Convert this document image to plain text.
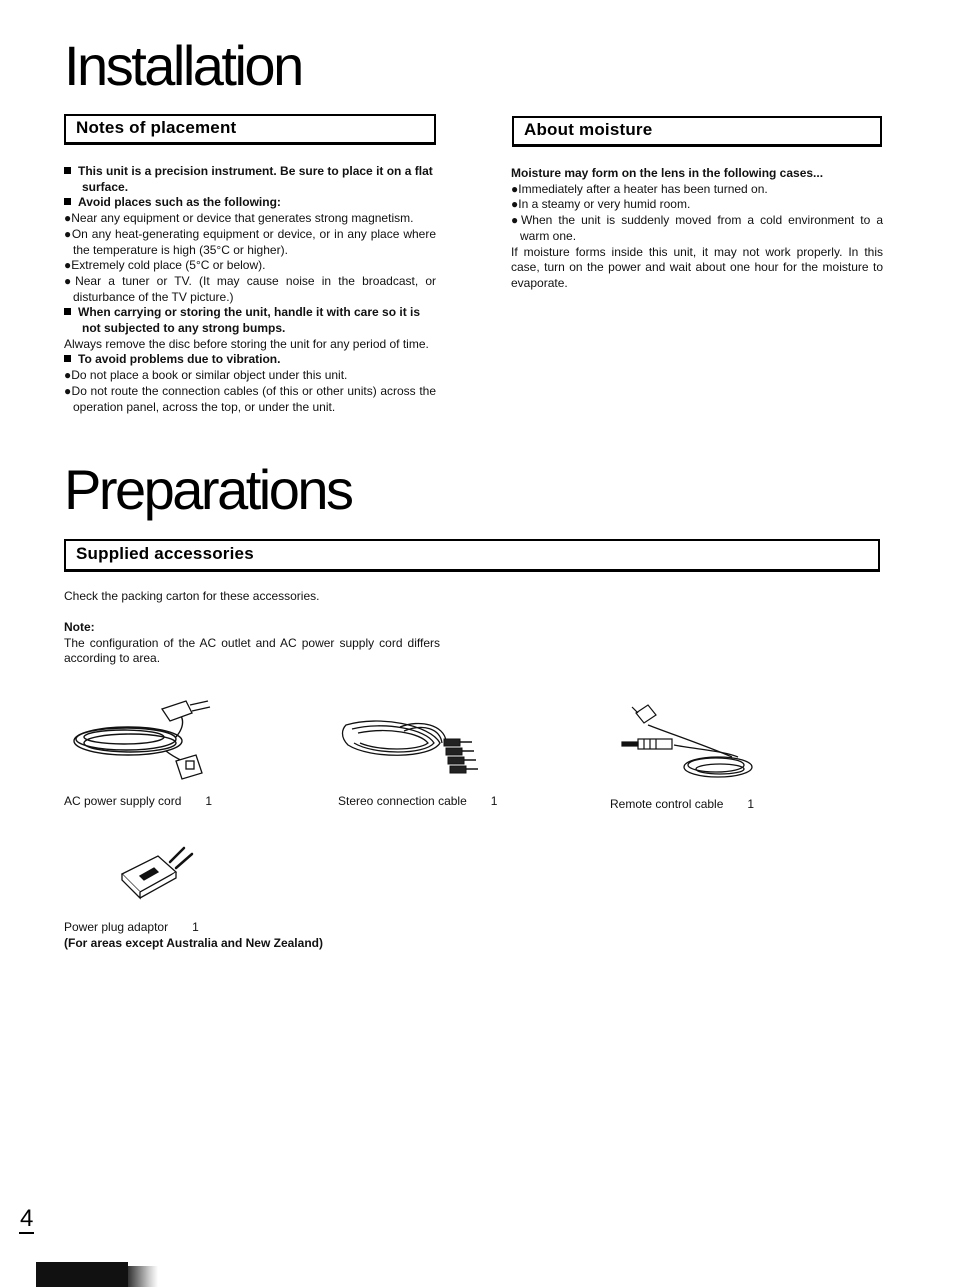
Installation
Notes of placement	About moisture

This unit is a precision instrument. Be sure to place it on a flat surface.

Avoid places such as the following:

●Near any equipment or device that generates strong magnetism.

●On any heat-generating equipment or device, or in any place where the temperature is high (35°C or higher).

●Extremely cold place (5°C or below).

●Near a tuner or TV. (It may cause noise in the broadcast, or disturbance of the TV picture.)

When carrying or storing the unit, handle it with care so it is not subjected to any strong bumps.

Always remove the disc before storing the unit for any period of time.

To avoid problems due to vibration.

●Do not place a book or similar object under this unit.

●Do not route the connection cables (of this or other units) across the operation panel, across the top, or under the unit.

Moisture may form on the lens in the following cases...

●Immediately after a heater has been turned on.

●In a steamy or very humid room.

●When the unit is suddenly moved from a cold environment to a warm one.

If moisture forms inside this unit, it may not work properly. In this case, turn on the power and wait about one hour for the moisture to evaporate.

Preparations
Supplied accessories

Check the packing carton for these accessories.

Note:

The configuration of the AC outlet and AC power supply cord differs according to area.

AC power supply cord 1	Stereo connection cable 1	Remote control cable 1
Power plug adaptor 1
(For areas except Australia and New Zealand)
4
